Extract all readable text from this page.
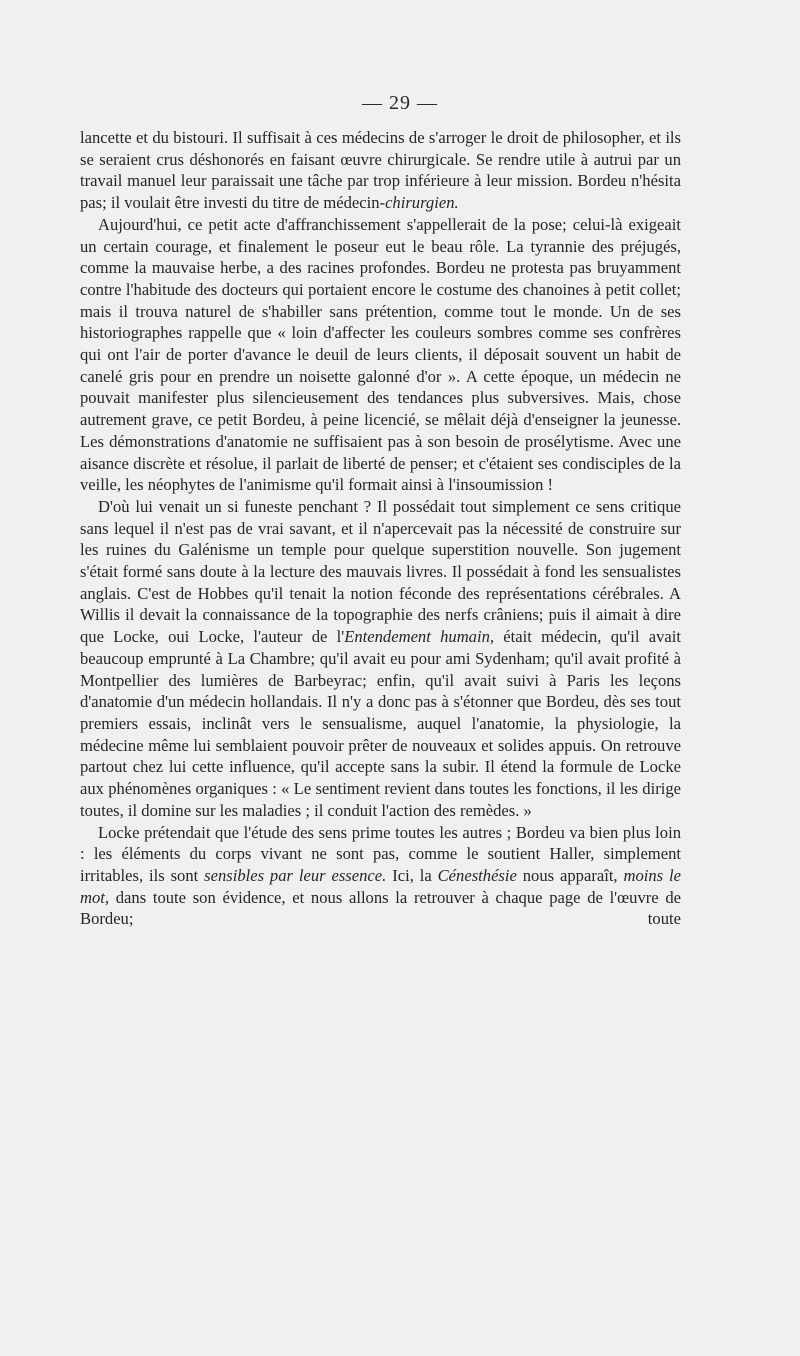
— 29 —

lancette et du bistouri. Il suffisait à ces médecins de s'arroger le droit de philosopher, et ils se seraient crus déshonorés en faisant œuvre chirurgicale. Se rendre utile à autrui par un travail manuel leur paraissait une tâche par trop inférieure à leur mission. Bordeu n'hésita pas; il voulait être investi du titre de médecin-chirurgien.

Aujourd'hui, ce petit acte d'affranchissement s'appellerait de la pose; celui-là exigeait un certain courage, et finalement le poseur eut le beau rôle. La tyrannie des préjugés, comme la mauvaise herbe, a des racines profondes. Bordeu ne protesta pas bruyamment contre l'habitude des docteurs qui portaient encore le costume des chanoines à petit collet; mais il trouva naturel de s'habiller sans prétention, comme tout le monde. Un de ses historiographes rappelle que « loin d'affecter les couleurs sombres comme ses confrères qui ont l'air de porter d'avance le deuil de leurs clients, il déposait souvent un habit de canelé gris pour en prendre un noisette galonné d'or ». A cette époque, un médecin ne pouvait manifester plus silencieusement des tendances plus subversives. Mais, chose autrement grave, ce petit Bordeu, à peine licencié, se mêlait déjà d'enseigner la jeunesse. Les démonstrations d'anatomie ne suffisaient pas à son besoin de prosélytisme. Avec une aisance discrète et résolue, il parlait de liberté de penser; et c'étaient ses condisciples de la veille, les néophytes de l'animisme qu'il formait ainsi à l'insoumission !

D'où lui venait un si funeste penchant ? Il possédait tout simplement ce sens critique sans lequel il n'est pas de vrai savant, et il n'apercevait pas la nécessité de construire sur les ruines du Galénisme un temple pour quelque superstition nouvelle. Son jugement s'était formé sans doute à la lecture des mauvais livres. Il possédait à fond les sensualistes anglais. C'est de Hobbes qu'il tenait la notion féconde des représentations cérébrales. A Willis il devait la connaissance de la topographie des nerfs crâniens; puis il aimait à dire que Locke, oui Locke, l'auteur de l'Entendement humain, était médecin, qu'il avait beaucoup emprunté à La Chambre; qu'il avait eu pour ami Sydenham; qu'il avait profité à Montpellier des lumières de Barbeyrac; enfin, qu'il avait suivi à Paris les leçons d'anatomie d'un médecin hollandais. Il n'y a donc pas à s'étonner que Bordeu, dès ses tout premiers essais, inclinât vers le sensualisme, auquel l'anatomie, la physiologie, la médecine même lui semblaient pouvoir prêter de nouveaux et solides appuis. On retrouve partout chez lui cette influence, qu'il accepte sans la subir. Il étend la formule de Locke aux phénomènes organiques : « Le sentiment revient dans toutes les fonctions, il les dirige toutes, il domine sur les maladies ; il conduit l'action des remèdes. »

Locke prétendait que l'étude des sens prime toutes les autres ; Bordeu va bien plus loin : les éléments du corps vivant ne sont pas, comme le soutient Haller, simplement irritables, ils sont sensibles par leur essence. Ici, la Cénesthésie nous apparaît, moins le mot, dans toute son évidence, et nous allons la retrouver à chaque page de l'œuvre de Bordeu; toute
